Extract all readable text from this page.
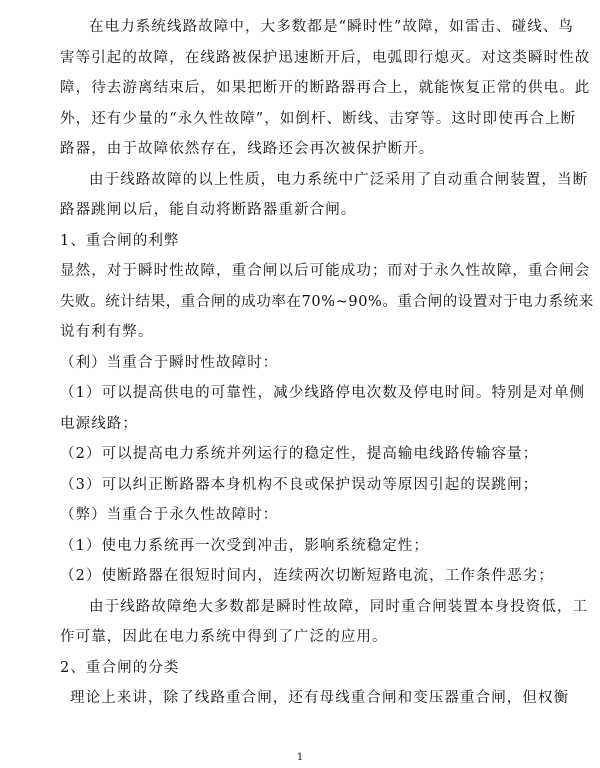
在电力系统线路故障中，大多数都是“瞬时性”故障，如雷击、碰线、鸟
害等引起的故障，在线路被保护迅速断开后，电弧即行熄灭。对这类瞬时性故
障，待去游离结束后，如果把断开的断路器再合上，就能恢复正常的供电。此
外，还有少量的“永久性故障”，如倒杆、断线、击穿等。这时即使再合上断
路器，由于故障依然存在，线路还会再次被保护断开。
由于线路故障的以上性质，电力系统中广泛采用了自动重合闸装置，当断
路器跳闸以后，能自动将断路器重新合闸。
1、重合闸的利弊
显然，对于瞬时性故障，重合闸以后可能成功；而对于永久性故障，重合闸会
失败。统计结果，重合闸的成功率在70%~90%。重合闸的设置对于电力系统来
说有利有弊。
（利）当重合于瞬时性故障时：
（1）可以提高供电的可靠性，减少线路停电次数及停电时间。特别是对单侧
电源线路；
（2）可以提高电力系统并列运行的稳定性，提高输电线路传输容量；
（3）可以纠正断路器本身机构不良或保护误动等原因引起的误跳闸；
（弊）当重合于永久性故障时：
（1）使电力系统再一次受到冲击，影响系统稳定性；
（2）使断路器在很短时间内，连续两次切断短路电流，工作条件恶劣；
由于线路故障绝大多数都是瞬时性故障，同时重合闸装置本身投资低，工
作可靠，因此在电力系统中得到了广泛的应用。
2、重合闸的分类
理论上来讲，除了线路重合闸，还有母线重合闸和变压器重合闸，但权衡
1
